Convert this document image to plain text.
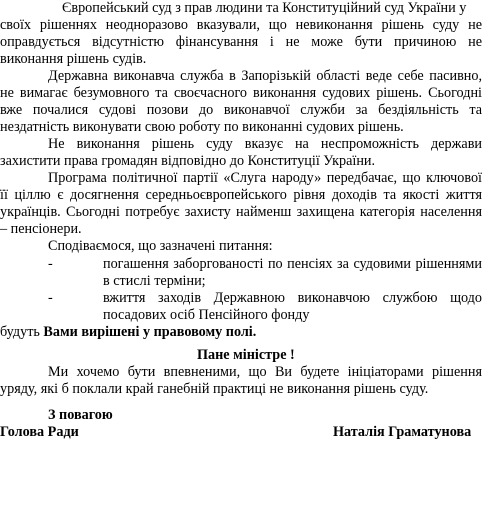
Європейський суд з прав людини та Конституційний суд України у
своїх рішеннях неодноразово вказували, що невиконання рішень суду не
оправдується відсутністю фінансування і не може бути причиною не
виконання рішень судів.
Державна виконавча служба в Запорізькій області веде себе пасивно,
не вимагає безумовного та своєчасного виконання судових рішень. Сьогодні
вже почалися судові позови до виконавчої служби за бездіяльність та
нездатність виконувати свою роботу по виконанні судових рішень.
Не виконання рішень суду вказує на неспроможність держави
захистити права громадян відповідно до Конституції України.
Програма політичної партії «Слуга народу» передбачає, що ключової
її ціллю є досягнення середньоєвропейського рівня доходів та якості життя
українців. Сьогодні потребує захисту найменш захищена категорія населення
– пенсіонери.
Сподіваємося, що зазначені питання:
-	погашення заборгованості по пенсіях за судовими рішеннями
в стислі терміни;
-	вжиття заходів Державною виконавчою службою щодо
посадових осіб Пенсійного фонду
будуть Вами вирішені у правовому полі.
Пане міністре !
Ми хочемо бути впевненими, що Ви будете ініціаторами рішення
уряду, які б поклали край ганебній практиці не виконання рішень суду.
З повагою
Голова Ради	Наталія Граматунова
